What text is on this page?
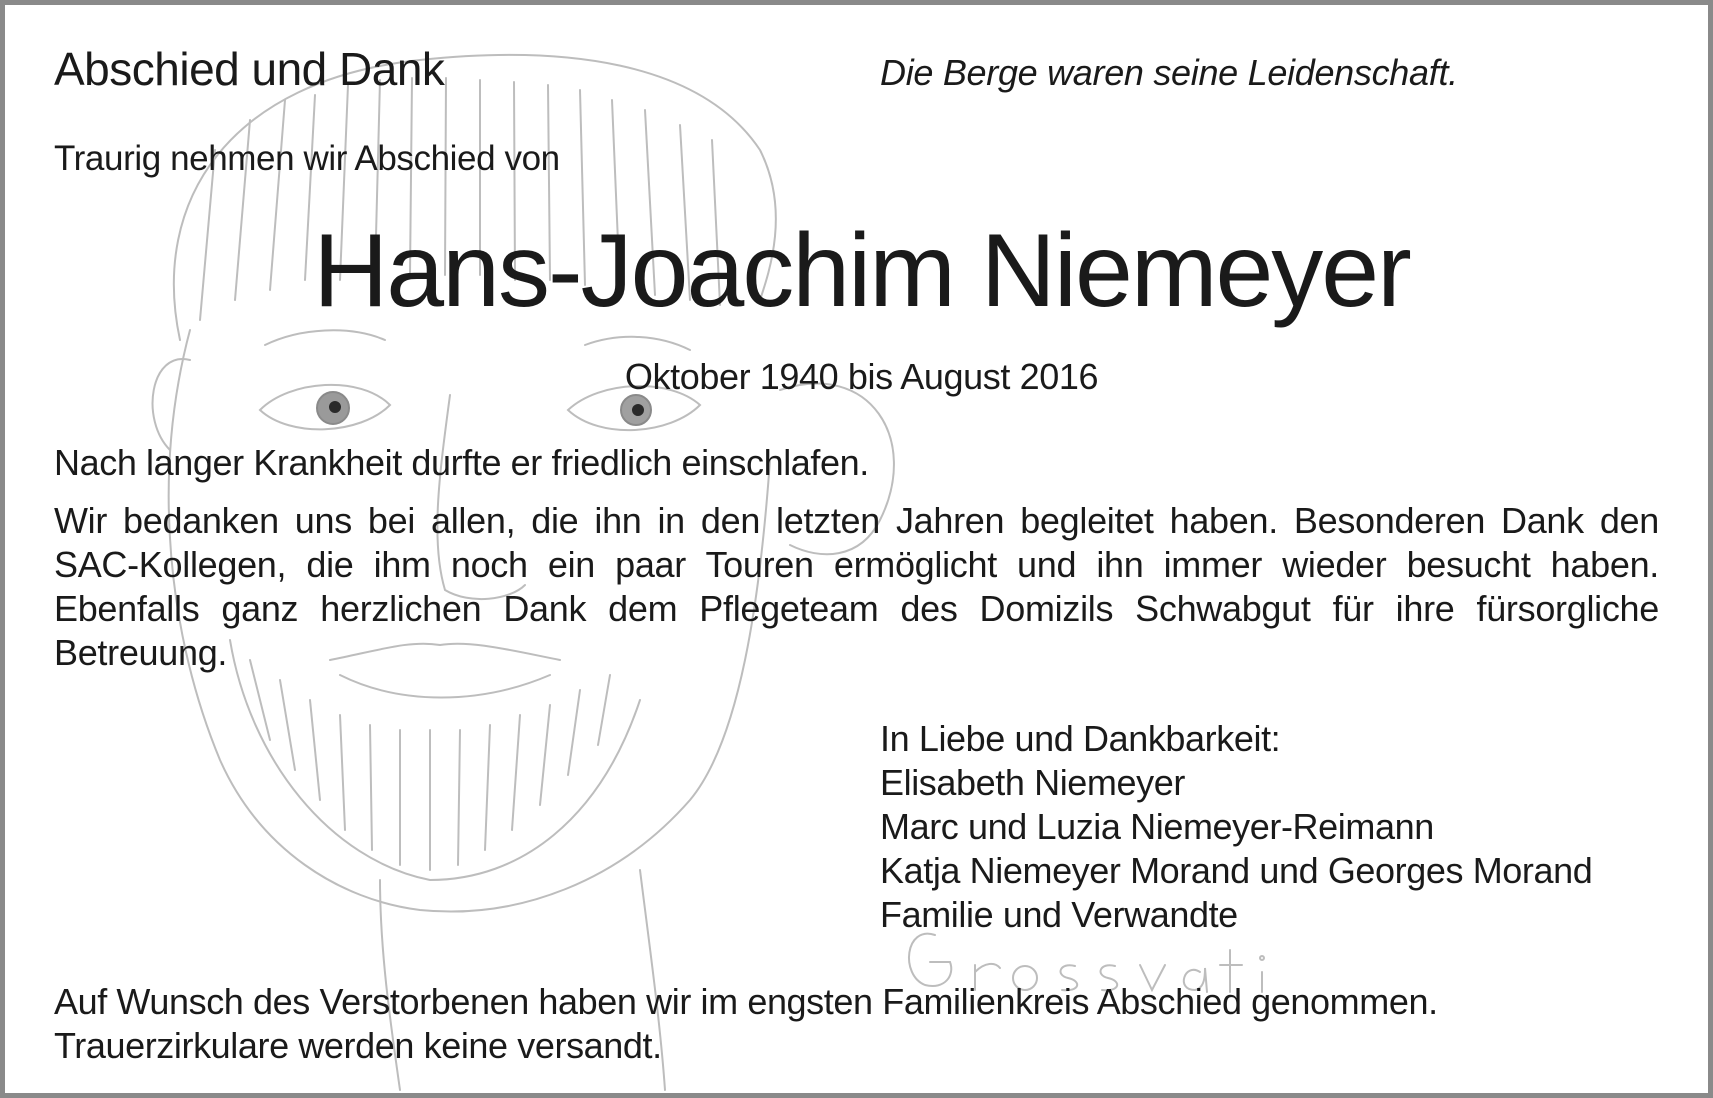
Abschied und Dank	Die Berge waren seine Leidenschaft.

Traurig nehmen wir Abschied von

Hans-Joachim Niemeyer

Oktober 1940 bis August 2016

Nach langer Krankheit durfte er friedlich einschlafen.

Wir bedanken uns bei allen, die ihn in den letzten Jahren begleitet haben. Besonderen Dank den SAC-Kollegen, die ihm noch ein paar Touren ermöglicht und ihn immer wieder besucht haben. Ebenfalls ganz herzlichen Dank dem Pflegeteam des Domizils Schwabgut für ihre fürsorgliche Betreuung.

In Liebe und Dankbarkeit:
Elisabeth Niemeyer
Marc und Luzia Niemeyer-Reimann
Katja Niemeyer Morand und Georges Morand
Familie und Verwandte
Auf Wunsch des Verstorbenen haben wir im engsten Familienkreis Abschied genommen.
Trauerzirkulare werden keine versandt.
